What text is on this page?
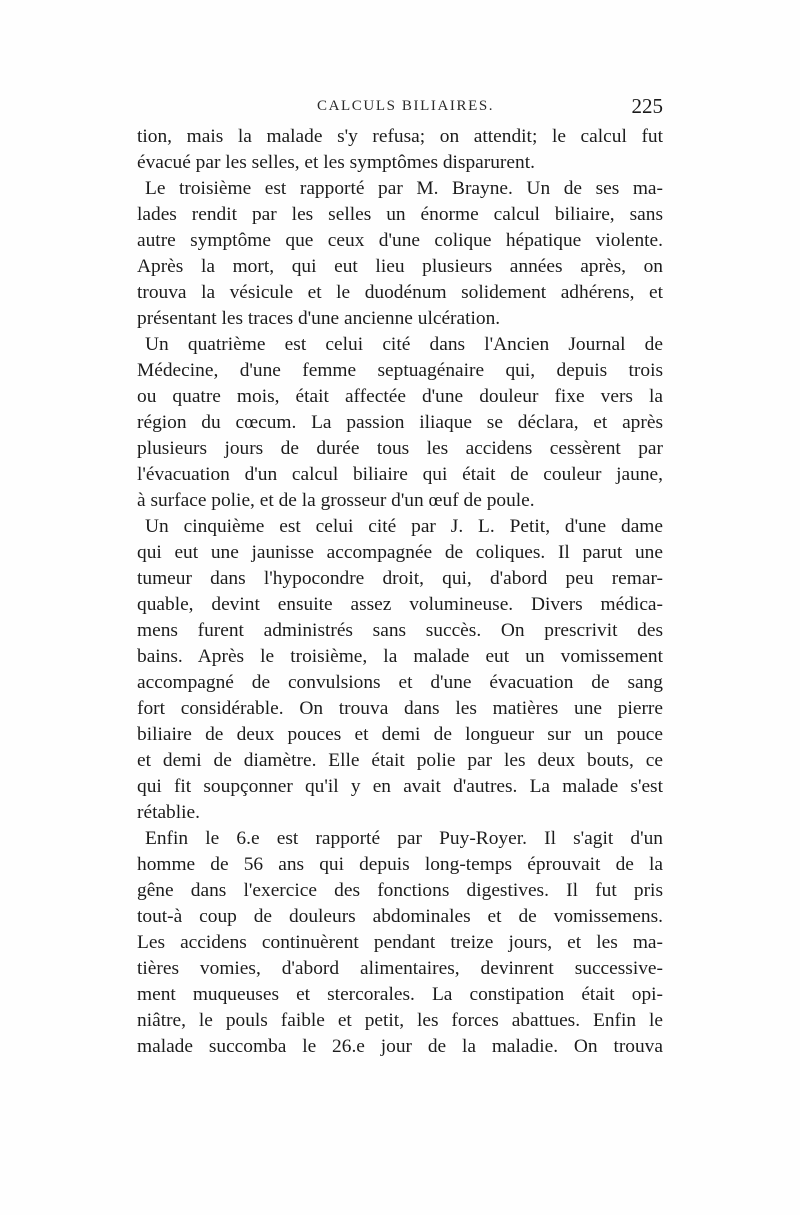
CALCULS BILIAIRES.	225

tion, mais la malade s'y refusa; on attendit; le calcul fut
évacué par les selles, et les symptômes disparurent.

Le troisième est rapporté par M. Brayne. Un de ses ma-
lades rendit par les selles un énorme calcul biliaire, sans
autre symptôme que ceux d'une colique hépatique violente.
Après la mort, qui eut lieu plusieurs années après, on
trouva la vésicule et le duodénum solidement adhérens, et
présentant les traces d'une ancienne ulcération.

Un quatrième est celui cité dans l'Ancien Journal de
Médecine, d'une femme septuagénaire qui, depuis trois
ou quatre mois, était affectée d'une douleur fixe vers la
région du cœcum. La passion iliaque se déclara, et après
plusieurs jours de durée tous les accidens cessèrent par
l'évacuation d'un calcul biliaire qui était de couleur jaune,
à surface polie, et de la grosseur d'un œuf de poule.

Un cinquième est celui cité par J. L. Petit, d'une dame
qui eut une jaunisse accompagnée de coliques. Il parut une
tumeur dans l'hypocondre droit, qui, d'abord peu remar-
quable, devint ensuite assez volumineuse. Divers médica-
mens furent administrés sans succès. On prescrivit des
bains. Après le troisième, la malade eut un vomissement
accompagné de convulsions et d'une évacuation de sang
fort considérable. On trouva dans les matières une pierre
biliaire de deux pouces et demi de longueur sur un pouce
et demi de diamètre. Elle était polie par les deux bouts, ce
qui fit soupçonner qu'il y en avait d'autres. La malade s'est
rétablie.

Enfin le 6.e est rapporté par Puy-Royer. Il s'agit d'un
homme de 56 ans qui depuis long-temps éprouvait de la
gêne dans l'exercice des fonctions digestives. Il fut pris
tout-à coup de douleurs abdominales et de vomissemens.
Les accidens continuèrent pendant treize jours, et les ma-
tières vomies, d'abord alimentaires, devinrent successive-
ment muqueuses et stercorales. La constipation était opi-
niâtre, le pouls faible et petit, les forces abattues. Enfin le
malade succomba le 26.e jour de la maladie. On trouva
